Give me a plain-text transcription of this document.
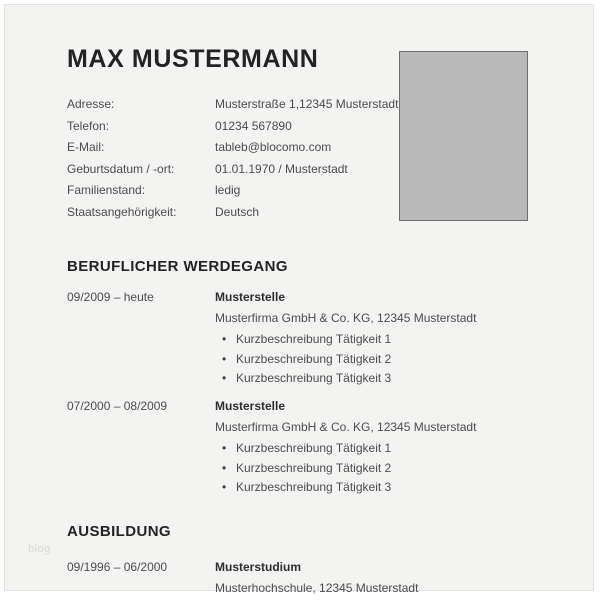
MAX MUSTERMANN
Adresse:	Musterstraße 1,12345 Musterstadt
Telefon:	01234 567890
E-Mail:	tableb@blocomo.com
Geburtsdatum / -ort:	01.01.1970 / Musterstadt
Familienstand:	ledig
Staatsangehörigkeit:	Deutsch
BERUFLICHER WERDEGANG
09/2009 – heute	Musterstelle
Musterfirma GmbH & Co. KG, 12345 Musterstadt
• Kurzbeschreibung Tätigkeit 1
• Kurzbeschreibung Tätigkeit 2
• Kurzbeschreibung Tätigkeit 3
07/2000 – 08/2009	Musterstelle
Musterfirma GmbH & Co. KG, 12345 Musterstadt
• Kurzbeschreibung Tätigkeit 1
• Kurzbeschreibung Tätigkeit 2
• Kurzbeschreibung Tätigkeit 3
AUSBILDUNG
09/1996 – 06/2000	Musterstudium
Musterhochschule, 12345 Musterstadt
blog
